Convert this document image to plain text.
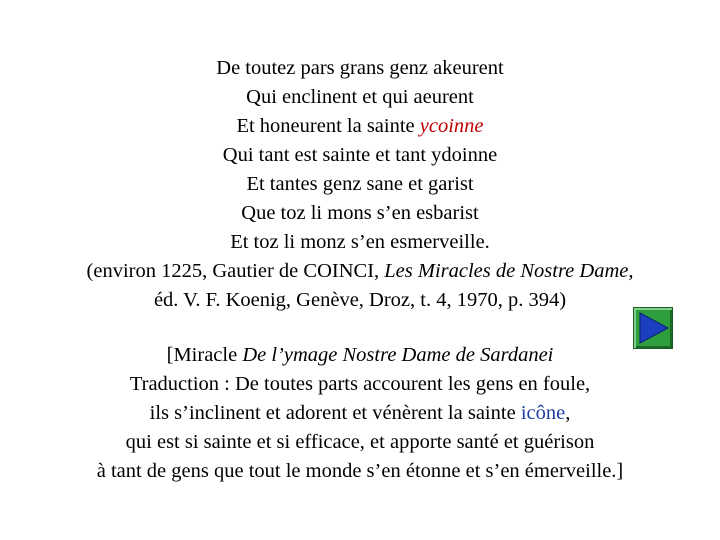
De toutez pars grans genz akeurent
Qui enclinent et qui aeurent
Et honeurent la sainte ycoinne
Qui tant est sainte et tant ydoinne
Et tantes genz sane et garist
Que toz li mons s’en esbarist
Et toz li monz s’en esmerveille.
(environ 1225, Gautier de COINCI, Les Miracles de Nostre Dame,
éd. V. F. Koenig, Genève, Droz, t. 4, 1970, p. 394)
[Miracle De l’ymage Nostre Dame de Sardanei
Traduction : De toutes parts accourent les gens en foule,
ils s’inclinent et adorent et vénèrent la sainte icône,
qui est si sainte et si efficace, et apporte santé et guérison
à tant de gens que tout le monde s’en étonne et s’en émerveille.]
